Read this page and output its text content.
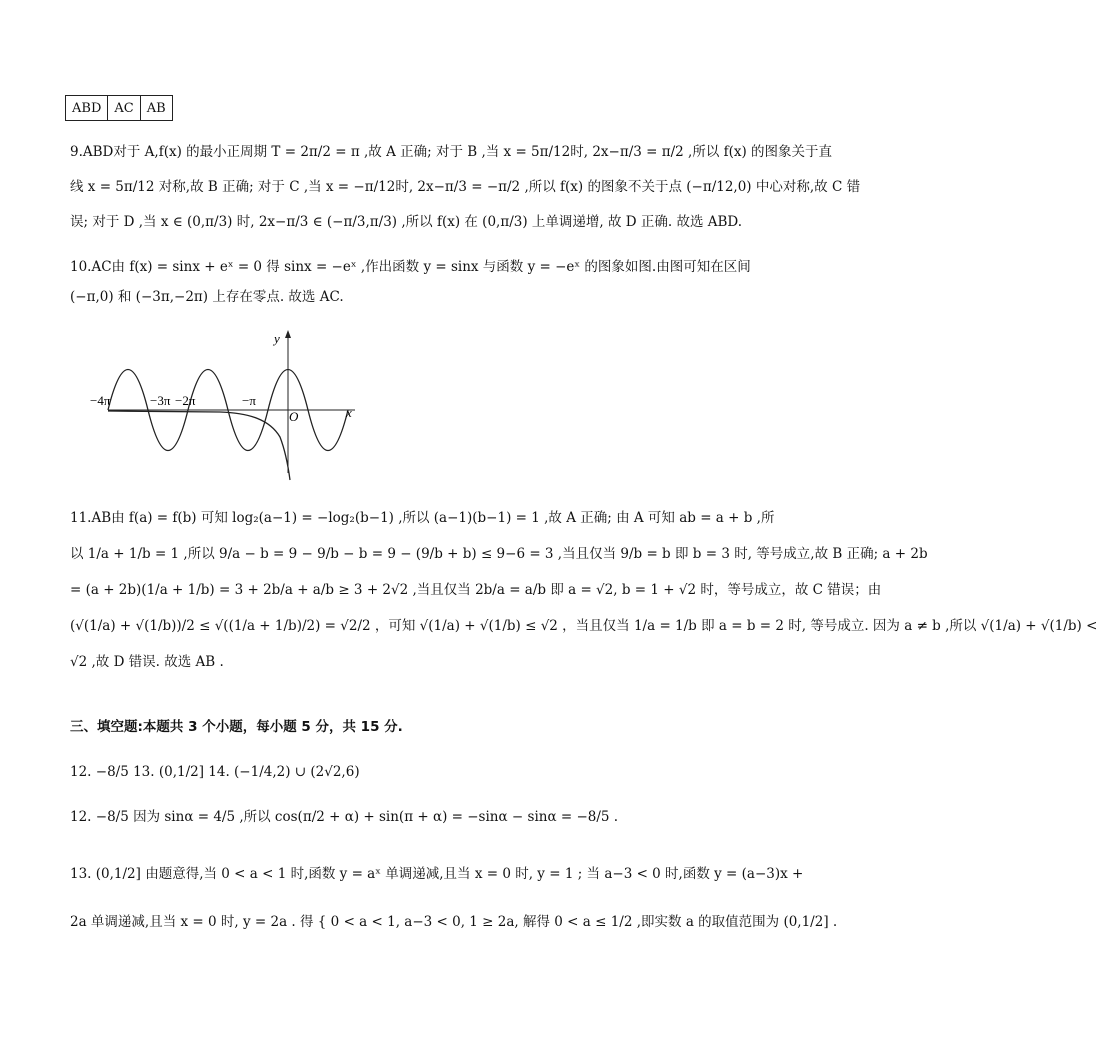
ABD	AC	AB
9.ABD对于 A,f(x) 的最小正周期 T = 2π/2 = π ,故 A 正确; 对于 B ,当 x = 5π/12时, 2x−π/3 = π/2 ,所以 f(x) 的图象关于直
线 x = 5π/12 对称,故 B 正确; 对于 C ,当 x = −π/12时, 2x−π/3 = −π/2 ,所以 f(x) 的图象不关于点 (−π/12,0) 中心对称,故 C 错
误; 对于 D ,当 x ∈ (0,π/3) 时, 2x−π/3 ∈ (−π/3,π/3) ,所以 f(x) 在 (0,π/3) 上单调递增, 故 D 正确. 故选 ABD.
10.AC由 f(x) = sinx + eˣ = 0 得 sinx = −eˣ ,作出函数 y = sinx 与函数 y = −eˣ 的图象如图.由图可知在区间
(−π,0) 和 (−3π,−2π) 上存在零点. 故选 AC.
−4π	−3π −2π	−π
O	x
y
11.AB由 f(a) = f(b) 可知 log₂(a−1) = −log₂(b−1) ,所以 (a−1)(b−1) = 1 ,故 A 正确; 由 A 可知 ab = a + b ,所
以 1/a + 1/b = 1 ,所以 9/a − b = 9 − 9/b − b = 9 − (9/b + b) ≤ 9−6 = 3 ,当且仅当 9/b = b 即 b = 3 时, 等号成立,故 B 正确; a + 2b
= (a + 2b)(1/a + 1/b) = 3 + 2b/a + a/b ≥ 3 + 2√2 ,当且仅当 2b/a = a/b 即 a = √2, b = 1 + √2 时，等号成立，故 C 错误；由
(√(1/a) + √(1/b))/2 ≤ √((1/a + 1/b)/2) = √2/2 ，可知 √(1/a) + √(1/b) ≤ √2 ，当且仅当 1/a = 1/b 即 a = b = 2 时, 等号成立. 因为 a ≠ b ,所以 √(1/a) + √(1/b) <
√2 ,故 D 错误. 故选 AB .
三、填空题:本题共 3 个小题，每小题 5 分，共 15 分.
12. −8/5 13. (0,1/2] 14. (−1/4,2) ∪ (2√2,6)
12. −8/5 因为 sinα = 4/5 ,所以 cos(π/2 + α) + sin(π + α) = −sinα − sinα = −8/5 .
13. (0,1/2] 由题意得,当 0 < a < 1 时,函数 y = aˣ 单调递减,且当 x = 0 时, y = 1 ; 当 a−3 < 0 时,函数 y = (a−3)x +
2a 单调递减,且当 x = 0 时, y = 2a . 得 { 0 < a < 1, a−3 < 0, 1 ≥ 2a, 解得 0 < a ≤ 1/2 ,即实数 a 的取值范围为 (0,1/2] .
